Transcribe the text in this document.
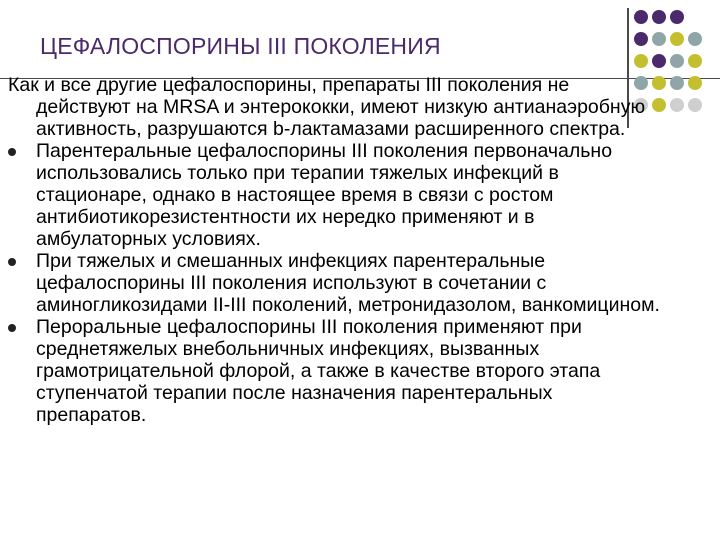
ЦЕФАЛОСПОРИНЫ III ПОКОЛЕНИЯ

Как и все другие цефалоспорины, препараты III поколения не действуют на MRSA и энтерококки, имеют низкую антианаэробную активность, разрушаются b-лактамазами расширенного спектра.

Парентеральные цефалоспорины III поколения первоначально использовались только при терапии тяжелых инфекций в стационаре, однако в настоящее время в связи с ростом антибиотикорезистентности их нередко применяют и в амбулаторных условиях.
При тяжелых и смешанных инфекциях парентеральные цефалоспорины III поколения используют в сочетании с аминогликозидами II-III поколений, метронидазолом, ванкомицином.
Пероральные цефалоспорины III поколения применяют при среднетяжелых внебольничных инфекциях, вызванных грамотрицательной флорой, а также в качестве второго этапа ступенчатой терапии после назначения парентеральных препаратов.
